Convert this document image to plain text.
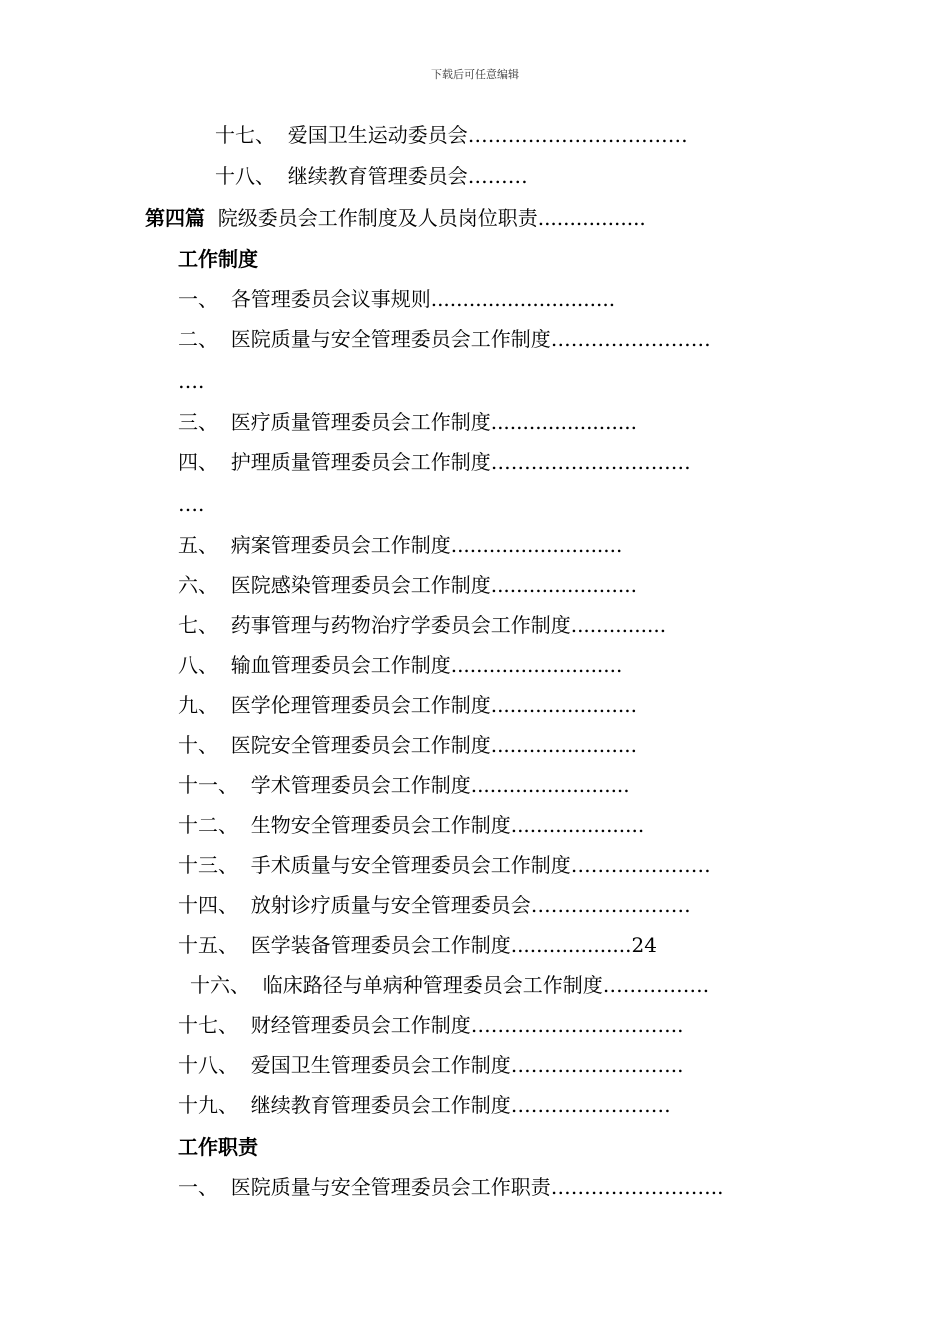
下载后可任意编辑
十七、  爱国卫生运动委员会……………………………
十八、  继续教育管理委员会………
第四篇  院级委员会工作制度及人员岗位职责.................
工作制度
一、  各管理委员会议事规则.............................
二、  医院质量与安全管理委员会工作制度……………………
….
三、  医疗质量管理委员会工作制度.......................
四、  护理质量管理委员会工作制度…………………………
….
五、  病案管理委员会工作制度...........................
六、  医院感染管理委员会工作制度.......................
七、  药事管理与药物治疗学委员会工作制度...............
八、  输血管理委员会工作制度...........................
九、  医学伦理管理委员会工作制度.......................
十、  医院安全管理委员会工作制度.......................
十一、  学术管理委员会工作制度.........................
十二、  生物安全管理委员会工作制度.....................
十三、  手术质量与安全管理委员会工作制度…………………
十四、  放射诊疗质量与安全管理委员会……………………
十五、  医学装备管理委员会工作制度...................24
十六、  临床路径与单病种管理委员会工作制度…………….
十七、  财经管理委员会工作制度…………………………..
十八、  爱国卫生管理委员会工作制度……………………..
十九、  继续教育管理委员会工作制度……………………
工作职责
一、  医院质量与安全管理委员会工作职责……………………..
